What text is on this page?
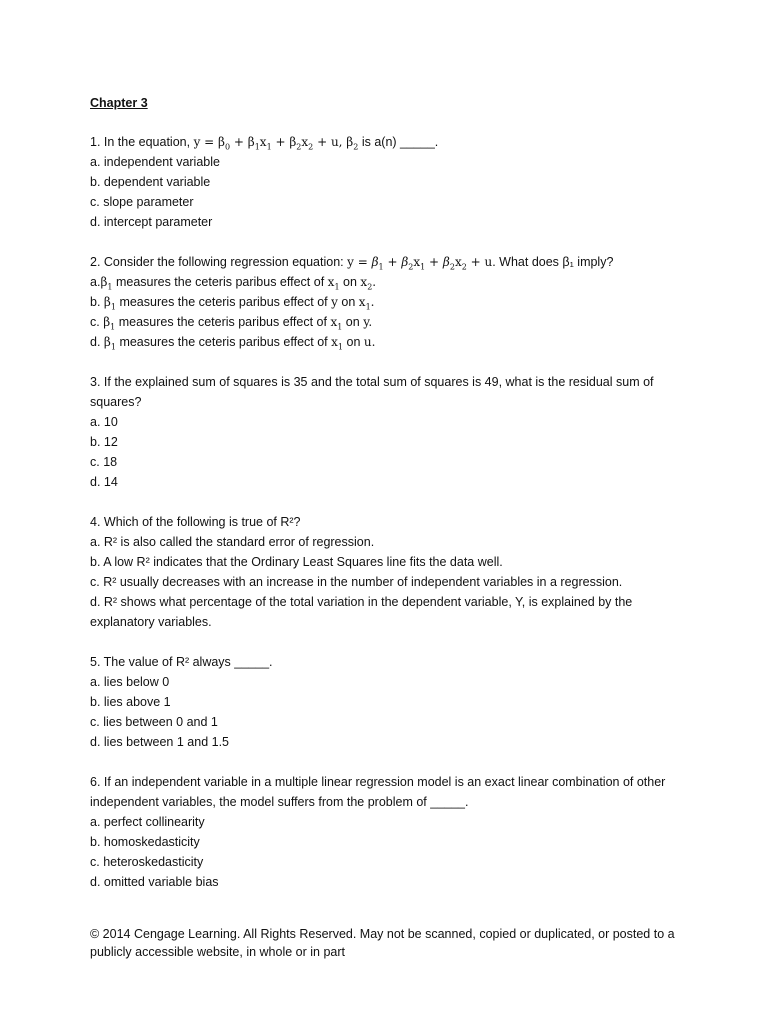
Chapter 3
1. In the equation, $y = \beta_0 + \beta_1x_1 + \beta_2x_2 + u$, $\beta_2$ is a(n) _____.
a. independent variable
b. dependent variable
c. slope parameter
d. intercept parameter
2. Consider the following regression equation: $y = \beta_1 + \beta_2x_1 + \beta_2x_2 + u$. What does β₁ imply?
$a.\beta_1$ measures the ceteris paribus effect of $x_1$ on $x_2$.
b. $\beta_1$ measures the ceteris paribus effect of y on $x_1$.
c. $\beta_1$ measures the ceteris paribus effect of $x_1$ on y.
d. $\beta_1$ measures the ceteris paribus effect of $x_1$ on u.
3. If the explained sum of squares is 35 and the total sum of squares is 49, what is the residual sum of squares?
a. 10
b. 12
c. 18
d. 14
4. Which of the following is true of R²?
a. R² is also called the standard error of regression.
b. A low R² indicates that the Ordinary Least Squares line fits the data well.
c. R² usually decreases with an increase in the number of independent variables in a regression.
d. R² shows what percentage of the total variation in the dependent variable, Y, is explained by the explanatory variables.
5. The value of R² always _____.
a. lies below 0
b. lies above 1
c. lies between 0 and 1
d. lies between 1 and 1.5
6. If an independent variable in a multiple linear regression model is an exact linear combination of other independent variables, the model suffers from the problem of _____.
a. perfect collinearity
b. homoskedasticity
c. heteroskedasticity
d. omitted variable bias
© 2014 Cengage Learning. All Rights Reserved. May not be scanned, copied or duplicated, or posted to a publicly accessible website, in whole or in part
